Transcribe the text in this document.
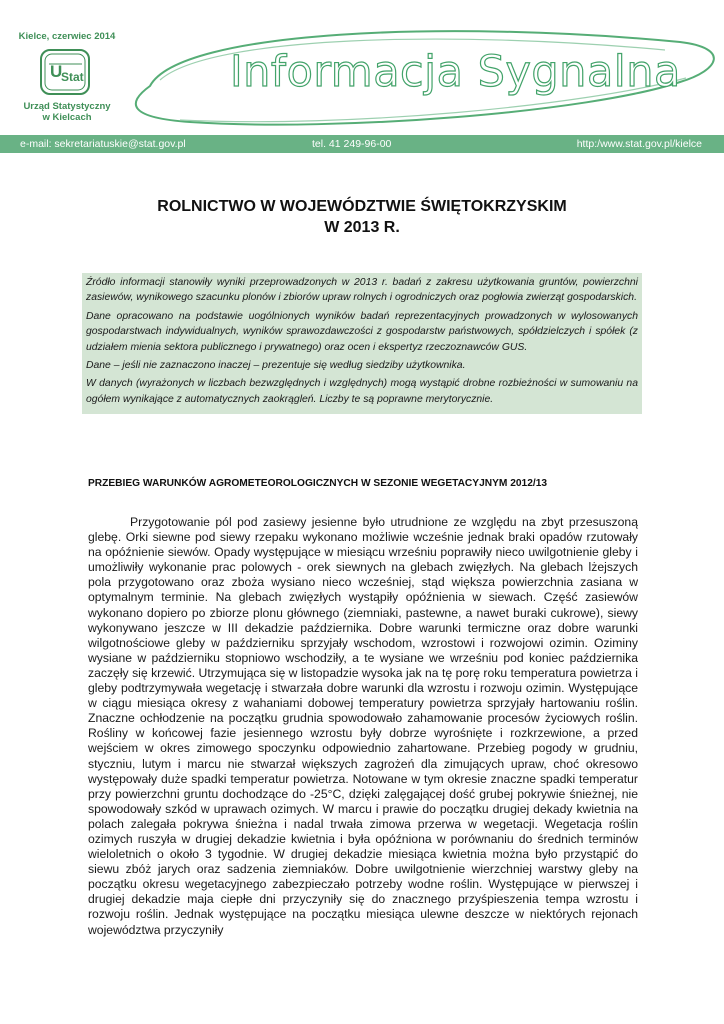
Kielce, czerwiec 2014
U
Stat
Urząd Statystyczny
w Kielcach
Informacja Sygnalna
e-mail: sekretariatuskie@stat.gov.pl	tel. 41 249-96-00	http:/www.stat.gov.pl/kielce
ROLNICTWO W WOJEWÓDZTWIE ŚWIĘTOKRZYSKIM
W 2013 R.

Źródło informacji stanowiły wyniki przeprowadzonych w 2013 r. badań z zakresu użytkowania gruntów, powierzchni zasiewów, wynikowego szacunku plonów i zbiorów upraw rolnych i ogrodniczych oraz pogłowia zwierząt gospodarskich.

Dane opracowano na podstawie uogólnionych wyników badań reprezentacyjnych prowadzonych w wylosowanych gospodarstwach indywidualnych, wyników sprawozdawczości z gospodarstw państwowych, spółdzielczych i spółek (z udziałem mienia sektora publicznego i prywatnego) oraz ocen i ekspertyz rzeczoznawców GUS.

Dane – jeśli nie zaznaczono inaczej – prezentuje się według siedziby użytkownika.

W danych (wyrażonych w liczbach bezwzględnych i względnych) mogą wystąpić drobne rozbieżności w sumowaniu na ogółem wynikające z automatycznych zaokrągleń. Liczby te są poprawne merytorycznie.

PRZEBIEG WARUNKÓW AGROMETEOROLOGICZNYCH W SEZONIE WEGETACYJNYM 2012/13

Przygotowanie pól pod zasiewy jesienne było utrudnione ze względu na zbyt przesuszoną glebę. Orki siewne pod siewy rzepaku wykonano możliwie wcześnie jednak braki opadów rzutowały na opóźnienie siewów. Opady występujące w miesiącu wrześniu poprawiły nieco uwilgotnienie gleby i umożliwiły wykonanie prac polowych - orek siewnych na glebach zwięzłych. Na glebach lżejszych pola przygotowano oraz zboża wysiano nieco wcześniej, stąd większa powierzchnia zasiana w optymalnym terminie. Na glebach zwięzłych wystąpiły opóźnienia w siewach. Część zasiewów wykonano dopiero po zbiorze plonu głównego (ziemniaki, pastewne, a nawet buraki cukrowe), siewy wykonywano jeszcze w III dekadzie października. Dobre warunki termiczne oraz dobre warunki wilgotnościowe gleby w październiku sprzyjały wschodom, wzrostowi i rozwojowi ozimin. Oziminy wysiane w październiku stopniowo wschodziły, a te wysiane we wrześniu pod koniec października zaczęły się krzewić. Utrzymująca się w listopadzie wysoka jak na tę porę roku temperatura powietrza i gleby podtrzymywała wegetację i stwarzała dobre warunki dla wzrostu i rozwoju ozimin. Występujące w ciągu miesiąca okresy z wahaniami dobowej temperatury powietrza sprzyjały hartowaniu roślin. Znaczne ochłodzenie na początku grudnia spowodowało zahamowanie procesów życiowych roślin. Rośliny w końcowej fazie jesiennego wzrostu były dobrze wyrośnięte i rozkrzewione, a przed wejściem w okres zimowego spoczynku odpowiednio zahartowane. Przebieg pogody w grudniu, styczniu, lutym i marcu nie stwarzał większych zagrożeń dla zimujących upraw, choć okresowo występowały duże spadki temperatur powietrza. Notowane w tym okresie znaczne spadki temperatur przy powierzchni gruntu dochodzące do -25°C, dzięki zalęgającej dość grubej pokrywie śnieżnej, nie spowodowały szkód w uprawach ozimych. W marcu i prawie do początku drugiej dekady kwietnia na polach zalegała pokrywa śnieżna i nadal trwała zimowa przerwa w wegetacji. Wegetacja roślin ozimych ruszyła w drugiej dekadzie kwietnia i była opóźniona w porównaniu do średnich terminów wieloletnich o około 3 tygodnie. W drugiej dekadzie miesiąca kwietnia można było przystąpić do siewu zbóż jarych oraz sadzenia ziemniaków. Dobre uwilgotnienie wierzchniej warstwy gleby na początku okresu wegetacyjnego zabezpieczało potrzeby wodne roślin. Występujące w pierwszej i drugiej dekadzie maja ciepłe dni przyczyniły się do znacznego przyśpieszenia tempa wzrostu i rozwoju roślin. Jednak występujące na początku miesiąca ulewne deszcze w niektórych rejonach województwa przyczyniły
